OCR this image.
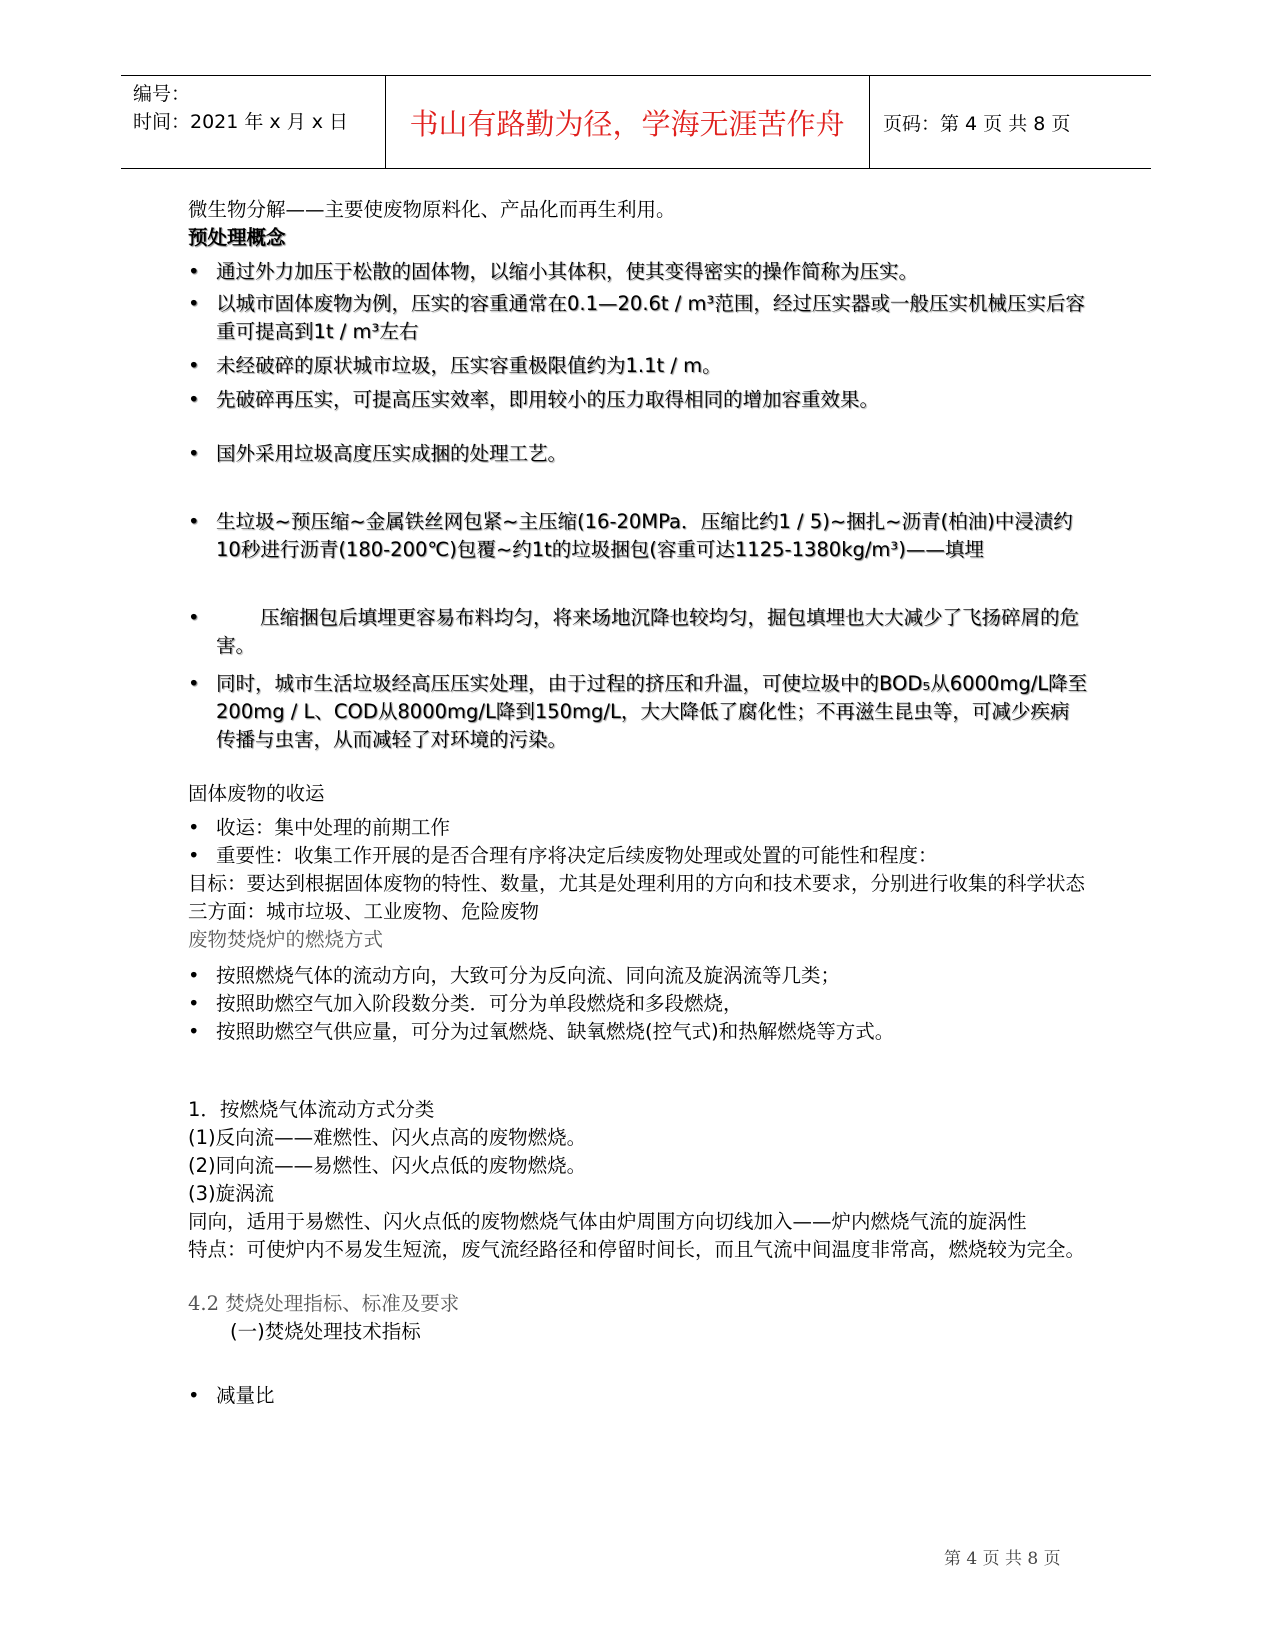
编号：
时间：2021 年 x 月 x 日	书山有路勤为径，学海无涯苦作舟	页码：第 4 页 共 8 页
微生物分解——主要使废物原料化、产品化而再生利用。
预处理概念
• 通过外力加压于松散的固体物，以缩小其体积，使其变得密实的操作简称为压实。
• 以城市固体废物为例，压实的容重通常在0.1—20.6t / m³范围，经过压实器或一般压实机械压实后容重可提高到1t / m³左右
• 未经破碎的原状城市垃圾，压实容重极限值约为1.1t / m。
• 先破碎再压实，可提高压实效率，即用较小的压力取得相同的增加容重效果。
• 国外采用垃圾高度压实成捆的处理工艺。
• 生垃圾~预压缩~金属铁丝网包紧~主压缩(16-20MPa．压缩比约1 / 5)~捆扎~沥青(柏油)中浸渍约10秒进行沥青(180-200℃)包覆~约1t的垃圾捆包(容重可达1125-1380kg/m³)——填埋
•	压缩捆包后填埋更容易布料均匀，将来场地沉降也较均匀，掘包填埋也大大减少了飞扬碎屑的危害。
• 同时，城市生活垃圾经高压压实处理，由于过程的挤压和升温，可使垃圾中的BOD₅从6000mg/L降至200mg / L、COD从8000mg/L降到150mg/L，大大降低了腐化性；不再滋生昆虫等，可减少疾病传播与虫害，从而减轻了对环境的污染。
固体废物的收运
• 收运：集中处理的前期工作
• 重要性：收集工作开展的是否合理有序将决定后续废物处理或处置的可能性和程度：
目标：要达到根据固体废物的特性、数量，尤其是处理利用的方向和技术要求，分别进行收集的科学状态
三方面：城市垃圾、工业废物、危险废物
废物焚烧炉的燃烧方式
• 按照燃烧气体的流动方向，大致可分为反向流、同向流及旋涡流等几类；
• 按照助燃空气加入阶段数分类．可分为单段燃烧和多段燃烧，
• 按照助燃空气供应量，可分为过氧燃烧、缺氧燃烧(控气式)和热解燃烧等方式。
1．按燃烧气体流动方式分类
(1)反向流——难燃性、闪火点高的废物燃烧。
(2)同向流——易燃性、闪火点低的废物燃烧。
(3)旋涡流
同向，适用于易燃性、闪火点低的废物燃烧气体由炉周围方向切线加入——炉内燃烧气流的旋涡性
特点：可使炉内不易发生短流，废气流经路径和停留时间长，而且气流中间温度非常高，燃烧较为完全。
4.2 焚烧处理指标、标准及要求
(一)焚烧处理技术指标
• 减量比
第 4 页 共 8 页
